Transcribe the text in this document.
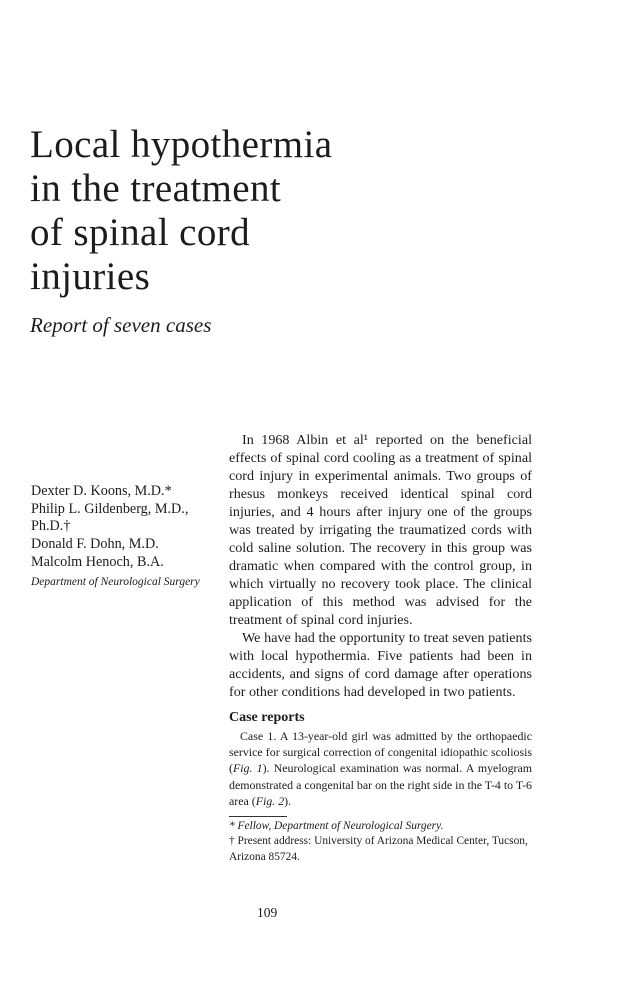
Local hypothermia
in the treatment
of spinal cord
injuries
Report of seven cases
Dexter D. Koons, M.D.*
Philip L. Gildenberg, M.D.,
Ph.D.†
Donald F. Dohn, M.D.
Malcolm Henoch, B.A.
Department of Neurological Surgery

In 1968 Albin et al¹ reported on the beneficial effects of spinal cord cooling as a treatment of spinal cord injury in experimental animals. Two groups of rhesus monkeys received identical spinal cord injuries, and 4 hours after injury one of the groups was treated by irrigating the traumatized cords with cold saline solution. The recovery in this group was dramatic when compared with the control group, in which virtually no recovery took place. The clinical application of this method was advised for the treatment of spinal cord injuries.

We have had the opportunity to treat seven patients with local hypothermia. Five patients had been in accidents, and signs of cord damage after operations for other conditions had developed in two patients.

Case reports

Case 1. A 13-year-old girl was admitted by the orthopaedic service for surgical correction of congenital idiopathic scoliosis (Fig. 1). Neurological examination was normal. A myelogram demonstrated a congenital bar on the right side in the T-4 to T-6 area (Fig. 2).

* Fellow, Department of Neurological Surgery.
† Present address: University of Arizona Medical Center, Tucson, Arizona 85724.
109
